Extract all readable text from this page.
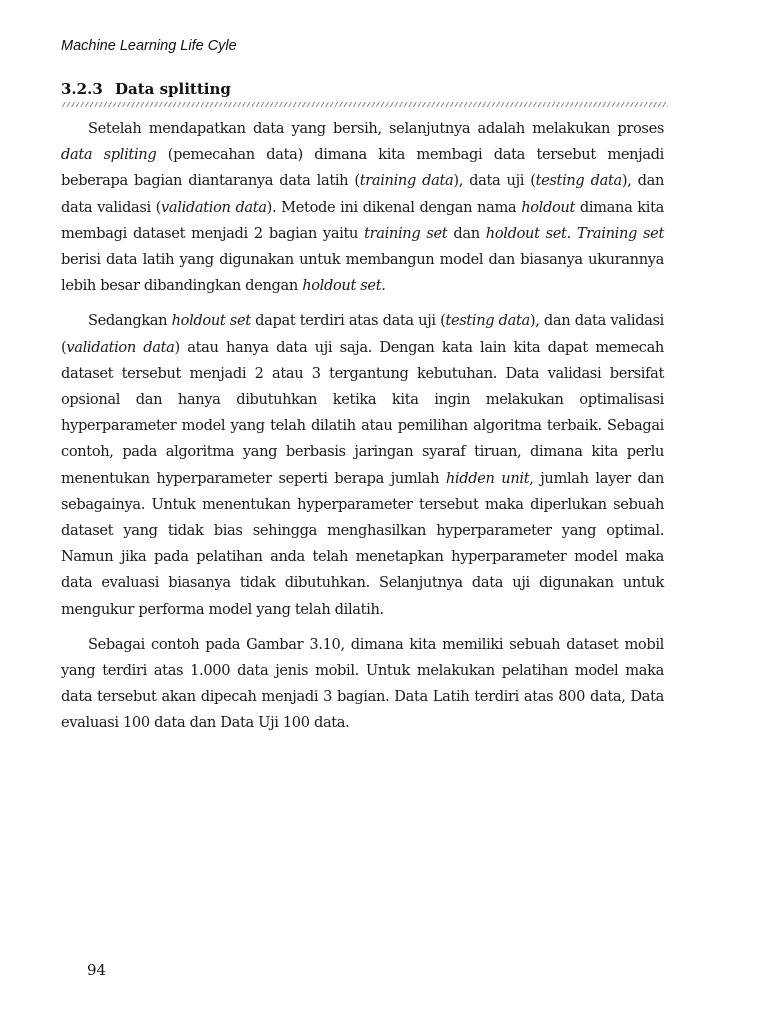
Machine Learning Life Cyle
3.2.3 Data splitting

Setelah mendapatkan data yang bersih, selanjutnya adalah melakukan proses data spliting (pemecahan data) dimana kita membagi data tersebut menjadi beberapa bagian diantaranya data latih (training data), data uji (testing data), dan data validasi (validation data). Metode ini dikenal dengan nama holdout dimana kita membagi dataset menjadi 2 bagian yaitu training set dan holdout set. Training set berisi data latih yang digunakan untuk membangun model dan biasanya ukurannya lebih besar dibandingkan dengan holdout set.

Sedangkan holdout set dapat terdiri atas data uji (testing data), dan data validasi (validation data) atau hanya data uji saja. Dengan kata lain kita dapat memecah dataset tersebut menjadi 2 atau 3 tergantung kebutuhan. Data validasi bersifat opsional dan hanya dibutuhkan ketika kita ingin melakukan optimalisasi hyperparameter model yang telah dilatih atau pemilihan algoritma terbaik. Sebagai contoh, pada algoritma yang berbasis jaringan syaraf tiruan, dimana kita perlu menentukan hyperparameter seperti berapa jumlah hidden unit, jumlah layer dan sebagainya. Untuk menentukan hyperparameter tersebut maka diperlukan sebuah dataset yang tidak bias sehingga menghasilkan hyperparameter yang optimal. Namun jika pada pelatihan anda telah menetapkan hyperparameter model maka data evaluasi biasanya tidak dibutuhkan. Selanjutnya data uji digunakan untuk mengukur performa model yang telah dilatih.

Sebagai contoh pada Gambar 3.10, dimana kita memiliki sebuah dataset mobil yang terdiri atas 1.000 data jenis mobil. Untuk melakukan pelatihan model maka data tersebut akan dipecah menjadi 3 bagian. Data Latih terdiri atas 800 data, Data evaluasi 100 data dan Data Uji 100 data.

94
